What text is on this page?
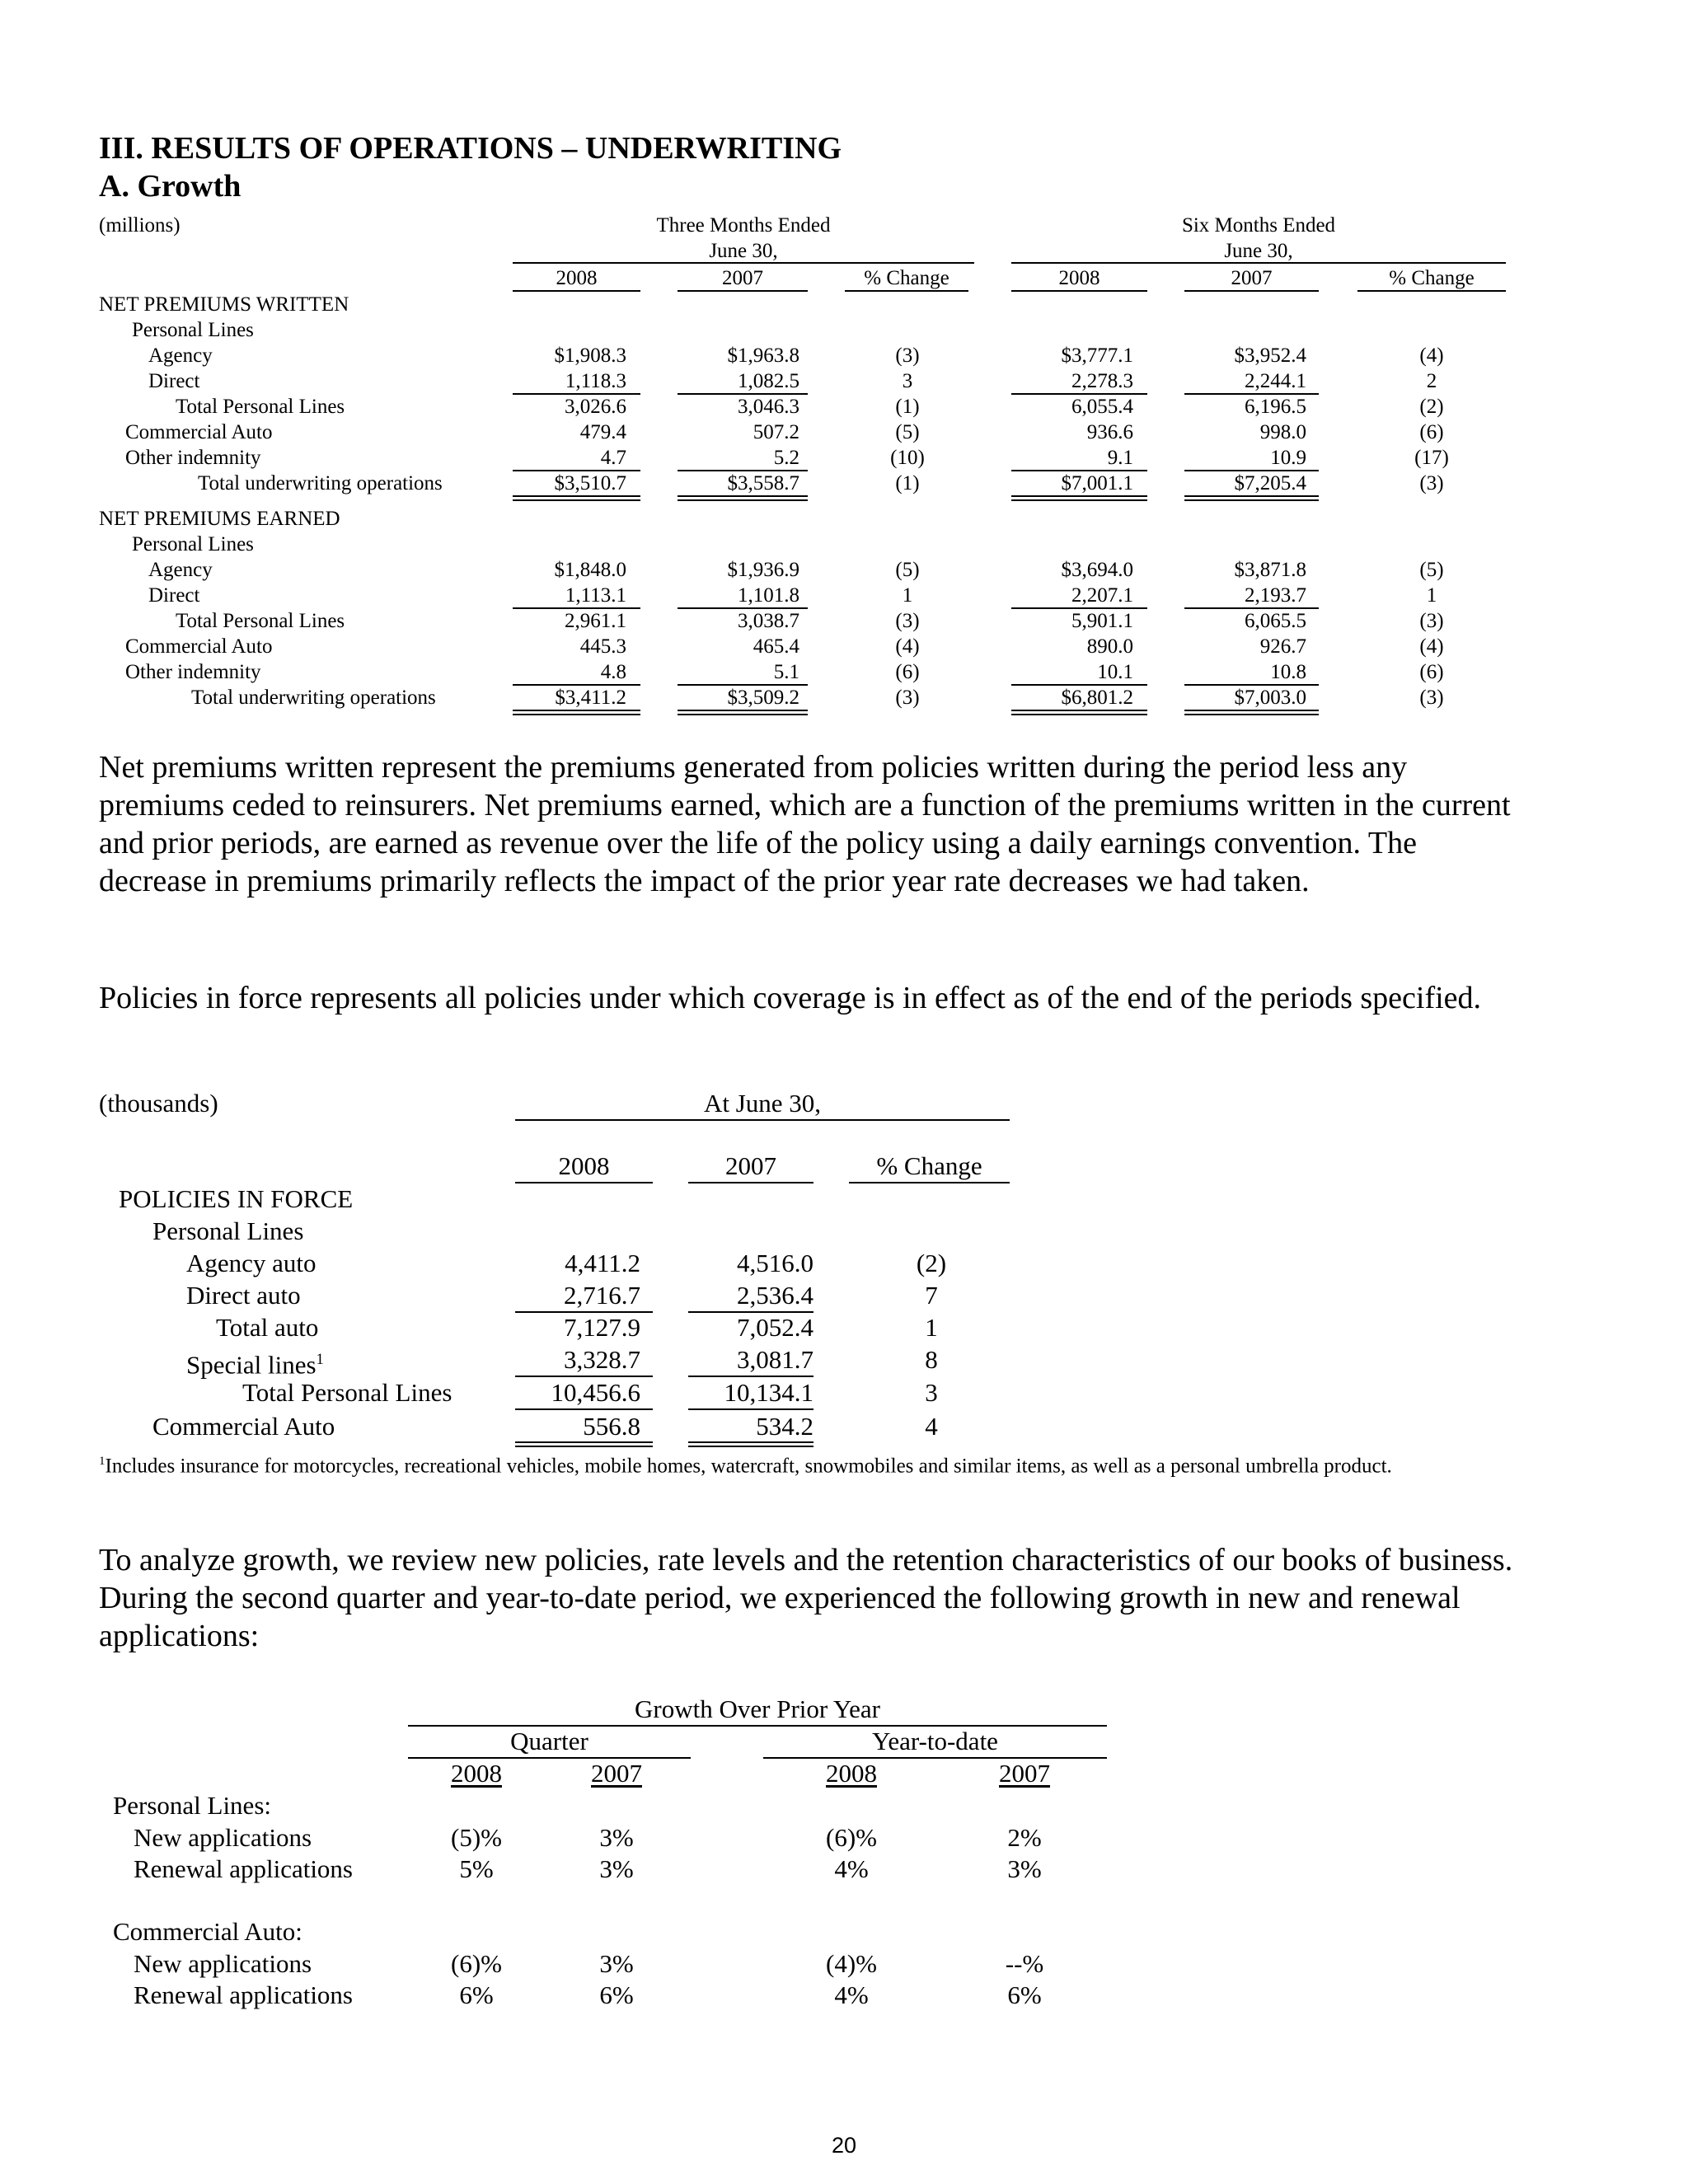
III. RESULTS OF OPERATIONS – UNDERWRITING
A. Growth
(millions)	Three Months Ended
June 30,
Six Months Ended
June 30,
2008	2007	% Change	2008	2007	% Change
NET PREMIUMS WRITTEN
Personal Lines
Agency	$1,908.3	$1,963.8	(3)	$3,777.1	$3,952.4	(4)
Direct	1,118.3	1,082.5	3	2,278.3	2,244.1	2
Total Personal Lines	3,026.6	3,046.3	(1)	6,055.4	6,196.5	(2)
Commercial Auto	479.4	507.2	(5)	936.6	998.0	(6)
Other indemnity	4.7	5.2	(10)	9.1	10.9	(17)
Total underwriting operations	$3,510.7	$3,558.7	(1)	$7,001.1	$7,205.4	(3)
NET PREMIUMS EARNED
Personal Lines
Agency	$1,848.0	$1,936.9	(5)	$3,694.0	$3,871.8	(5)
Direct	1,113.1	1,101.8	1	2,207.1	2,193.7	1
Total Personal Lines	2,961.1	3,038.7	(3)	5,901.1	6,065.5	(3)
Commercial Auto	445.3	465.4	(4)	890.0	926.7	(4)
Other indemnity	4.8	5.1	(6)	10.1	10.8	(6)
Total underwriting operations	$3,411.2	$3,509.2	(3)	$6,801.2	$7,003.0	(3)
Net premiums written represent the premiums generated from policies written during the period less any premiums ceded to reinsurers. Net premiums earned, which are a function of the premiums written in the current and prior periods, are earned as revenue over the life of the policy using a daily earnings convention. The decrease in premiums primarily reflects the impact of the prior year rate decreases we had taken.
Policies in force represents all policies under which coverage is in effect as of the end of the periods specified.
(thousands)	At June 30,
2008	2007	% Change
POLICIES IN FORCE
Personal Lines
Agency auto	4,411.2	4,516.0	(2)
Direct auto	2,716.7	2,536.4	7
Total auto	7,127.9	7,052.4	1
Special lines$^1$	3,328.7	3,081.7	8
Total Personal Lines	10,456.6	10,134.1	3
Commercial Auto	556.8	534.2	4
$^1$Includes insurance for motorcycles, recreational vehicles, mobile homes, watercraft, snowmobiles and similar items, as well as a personal umbrella product.
To analyze growth, we review new policies, rate levels and the retention characteristics of our books of business. During the second quarter and year-to-date period, we experienced the following growth in new and renewal applications:
Growth Over Prior Year
Quarter	Year-to-date
2008	2007	2008	2007
Personal Lines:
New applications	(5)%	3%	(6)%	2%
Renewal applications	5%	3%	4%	3%
Commercial Auto:
New applications	(6)%	3%	(4)%	--%
Renewal applications	6%	6%	4%	6%
20
